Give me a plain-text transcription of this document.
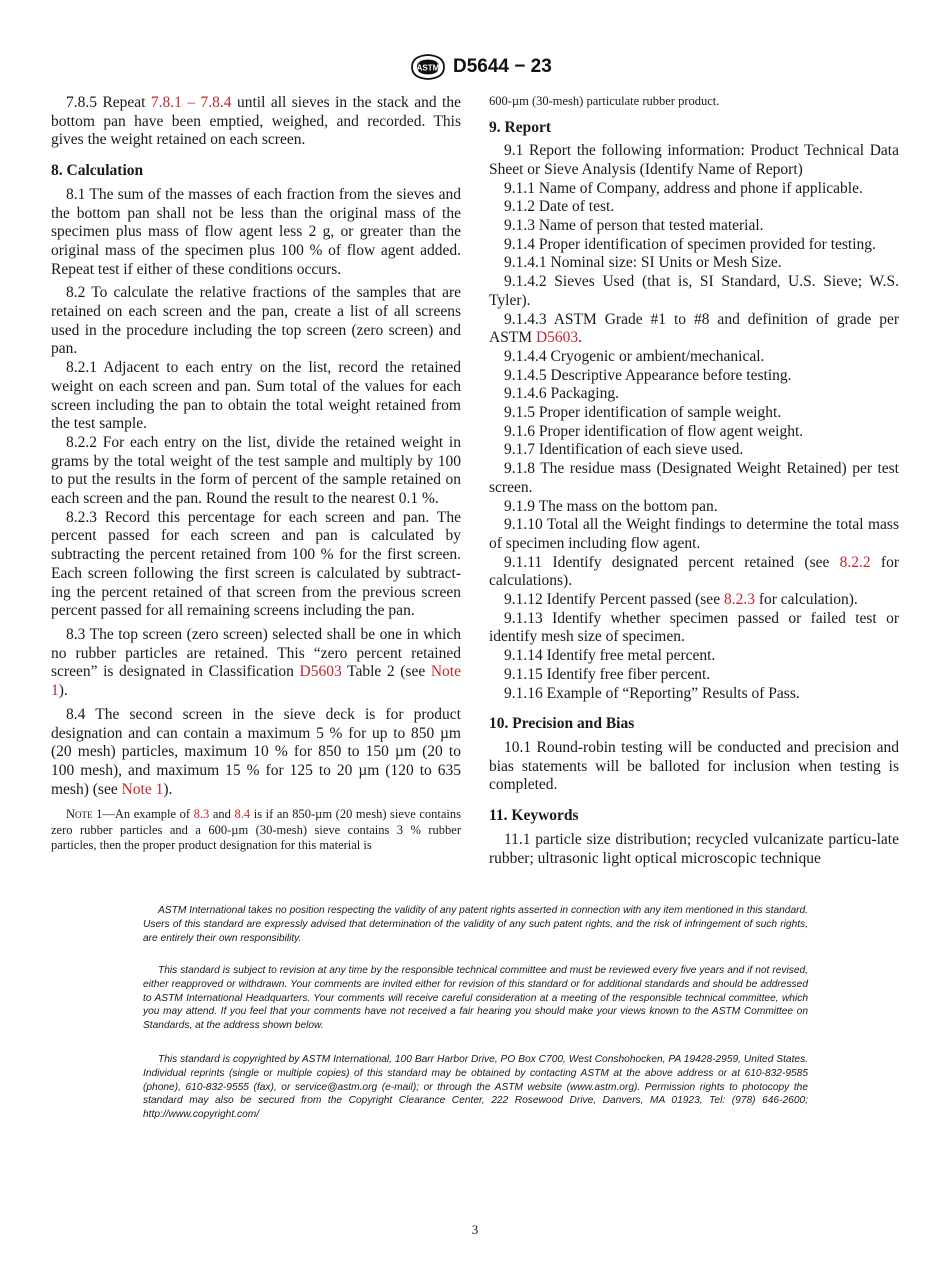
ASTM D5644 − 23

7.8.5 Repeat 7.8.1 – 7.8.4 until all sieves in the stack and the bottom pan have been emptied, weighed, and recorded. This gives the weight retained on each screen.

8. Calculation

8.1 The sum of the masses of each fraction from the sieves and the bottom pan shall not be less than the original mass of the specimen plus mass of flow agent less 2 g, or greater than the original mass of the specimen plus 100 % of flow agent added. Repeat test if either of these conditions occurs.

8.2 To calculate the relative fractions of the samples that are retained on each screen and the pan, create a list of all screens used in the procedure including the top screen (zero screen) and pan.

8.2.1 Adjacent to each entry on the list, record the retained weight on each screen and pan. Sum total of the values for each screen including the pan to obtain the total weight retained from the test sample.

8.2.2 For each entry on the list, divide the retained weight in grams by the total weight of the test sample and multiply by 100 to put the results in the form of percent of the sample retained on each screen and the pan. Round the result to the nearest 0.1 %.

8.2.3 Record this percentage for each screen and pan. The percent passed for each screen and pan is calculated by subtracting the percent retained from 100 % for the first screen. Each screen following the first screen is calculated by subtract-ing the percent retained of that screen from the previous screen percent passed for all remaining screens including the pan.

8.3 The top screen (zero screen) selected shall be one in which no rubber particles are retained. This “zero percent retained screen” is designated in Classification D5603 Table 2 (see Note 1).

8.4 The second screen in the sieve deck is for product designation and can contain a maximum 5 % for up to 850 µm (20 mesh) particles, maximum 10 % for 850 to 150 µm (20 to 100 mesh), and maximum 15 % for 125 to 20 µm (120 to 635 mesh) (see Note 1).

Note 1—An example of 8.3 and 8.4 is if an 850-µm (20 mesh) sieve contains zero rubber particles and a 600-µm (30-mesh) sieve contains 3 % rubber particles, then the proper product designation for this material is

600-µm (30-mesh) particulate rubber product.

9. Report

9.1 Report the following information: Product Technical Data Sheet or Sieve Analysis (Identify Name of Report)

9.1.1 Name of Company, address and phone if applicable.

9.1.2 Date of test.

9.1.3 Name of person that tested material.

9.1.4 Proper identification of specimen provided for testing.

9.1.4.1 Nominal size: SI Units or Mesh Size.

9.1.4.2 Sieves Used (that is, SI Standard, U.S. Sieve; W.S. Tyler).

9.1.4.3 ASTM Grade #1 to #8 and definition of grade per ASTM D5603.

9.1.4.4 Cryogenic or ambient/mechanical.

9.1.4.5 Descriptive Appearance before testing.

9.1.4.6 Packaging.

9.1.5 Proper identification of sample weight.

9.1.6 Proper identification of flow agent weight.

9.1.7 Identification of each sieve used.

9.1.8 The residue mass (Designated Weight Retained) per test screen.

9.1.9 The mass on the bottom pan.

9.1.10 Total all the Weight findings to determine the total mass of specimen including flow agent.

9.1.11 Identify designated percent retained (see 8.2.2 for calculations).

9.1.12 Identify Percent passed (see 8.2.3 for calculation).

9.1.13 Identify whether specimen passed or failed test or identify mesh size of specimen.

9.1.14 Identify free metal percent.

9.1.15 Identify free fiber percent.

9.1.16 Example of “Reporting” Results of Pass.

10. Precision and Bias

10.1 Round-robin testing will be conducted and precision and bias statements will be balloted for inclusion when testing is completed.

11. Keywords

11.1 particle size distribution; recycled vulcanizate particu-late rubber; ultrasonic light optical microscopic technique

ASTM International takes no position respecting the validity of any patent rights asserted in connection with any item mentioned in this standard. Users of this standard are expressly advised that determination of the validity of any such patent rights, and the risk of infringement of such rights, are entirely their own responsibility.

This standard is subject to revision at any time by the responsible technical committee and must be reviewed every five years and if not revised, either reapproved or withdrawn. Your comments are invited either for revision of this standard or for additional standards and should be addressed to ASTM International Headquarters. Your comments will receive careful consideration at a meeting of the responsible technical committee, which you may attend. If you feel that your comments have not received a fair hearing you should make your views known to the ASTM Committee on Standards, at the address shown below.

This standard is copyrighted by ASTM International, 100 Barr Harbor Drive, PO Box C700, West Conshohocken, PA 19428-2959, United States. Individual reprints (single or multiple copies) of this standard may be obtained by contacting ASTM at the above address or at 610-832-9585 (phone), 610-832-9555 (fax), or service@astm.org (e-mail); or through the ASTM website (www.astm.org). Permission rights to photocopy the standard may also be secured from the Copyright Clearance Center, 222 Rosewood Drive, Danvers, MA 01923, Tel: (978) 646-2600; http://www.copyright.com/

3
